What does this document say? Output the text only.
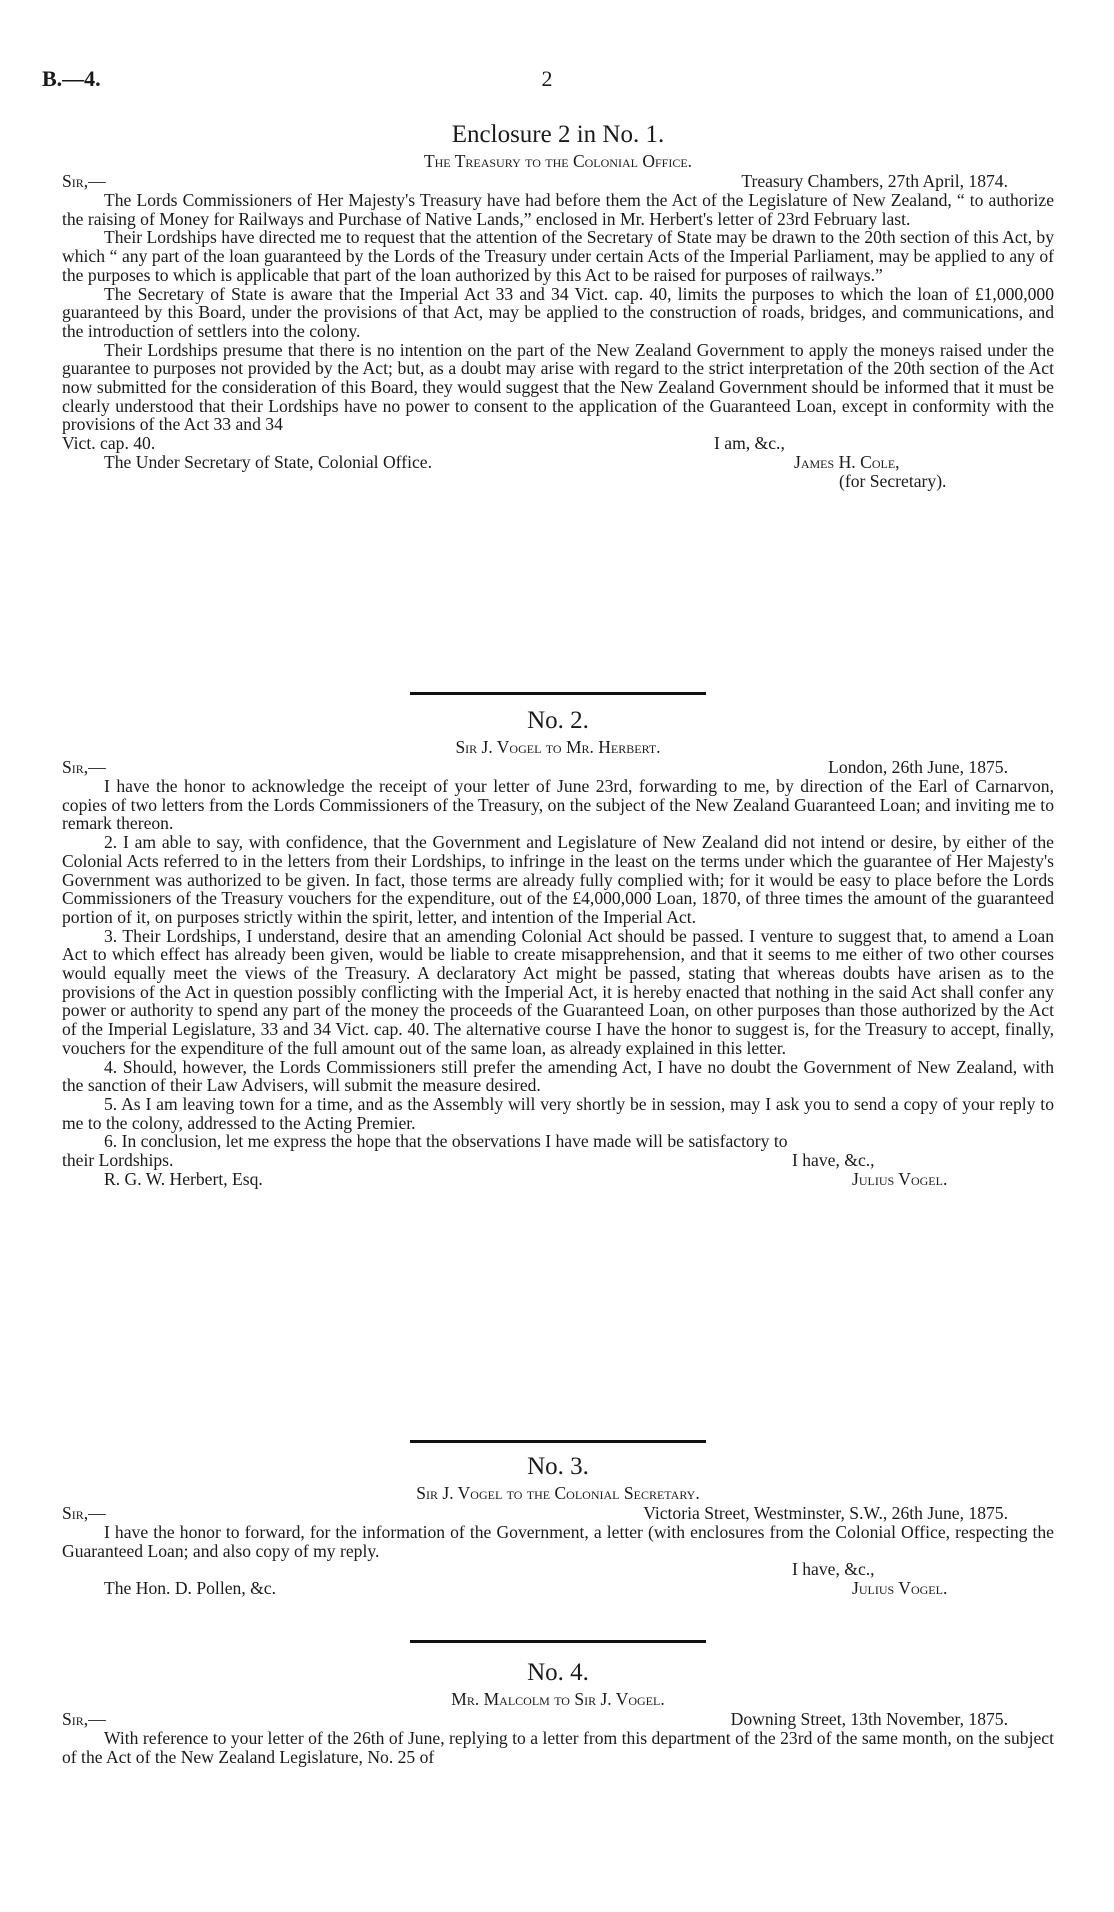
B.—4.	2
Enclosure 2 in No. 1.
The Treasury to the Colonial Office.
Sir,—	Treasury Chambers, 27th April, 1874.

The Lords Commissioners of Her Majesty's Treasury have had before them the Act of the Legislature of New Zealand, “ to authorize the raising of Money for Railways and Purchase of Native Lands,” enclosed in Mr. Herbert's letter of 23rd February last.

Their Lordships have directed me to request that the attention of the Secretary of State may be drawn to the 20th section of this Act, by which “ any part of the loan guaranteed by the Lords of the Treasury under certain Acts of the Imperial Parliament, may be applied to any of the purposes to which is applicable that part of the loan authorized by this Act to be raised for purposes of railways.”

The Secretary of State is aware that the Imperial Act 33 and 34 Vict. cap. 40, limits the purposes to which the loan of £1,000,000 guaranteed by this Board, under the provisions of that Act, may be applied to the construction of roads, bridges, and communications, and the introduction of settlers into the colony.

Their Lordships presume that there is no intention on the part of the New Zealand Government to apply the moneys raised under the guarantee to purposes not provided by the Act; but, as a doubt may arise with regard to the strict interpretation of the 20th section of the Act now submitted for the consideration of this Board, they would suggest that the New Zealand Government should be informed that it must be clearly understood that their Lordships have no power to consent to the application of the Guaranteed Loan, except in conformity with the provisions of the Act 33 and 34

Vict. cap. 40.	I am, &c.,
The Under Secretary of State, Colonial Office.	James H. Cole,
(for Secretary).
No. 2.
Sir J. Vogel to Mr. Herbert.
Sir,—	London, 26th June, 1875.

I have the honor to acknowledge the receipt of your letter of June 23rd, forwarding to me, by direction of the Earl of Carnarvon, copies of two letters from the Lords Commissioners of the Treasury, on the subject of the New Zealand Guaranteed Loan; and inviting me to remark thereon.

2. I am able to say, with confidence, that the Government and Legislature of New Zealand did not intend or desire, by either of the Colonial Acts referred to in the letters from their Lordships, to infringe in the least on the terms under which the guarantee of Her Majesty's Government was authorized to be given. In fact, those terms are already fully complied with; for it would be easy to place before the Lords Commissioners of the Treasury vouchers for the expenditure, out of the £4,000,000 Loan, 1870, of three times the amount of the guaranteed portion of it, on purposes strictly within the spirit, letter, and intention of the Imperial Act.

3. Their Lordships, I understand, desire that an amending Colonial Act should be passed. I venture to suggest that, to amend a Loan Act to which effect has already been given, would be liable to create misapprehension, and that it seems to me either of two other courses would equally meet the views of the Treasury. A declaratory Act might be passed, stating that whereas doubts have arisen as to the provisions of the Act in question possibly conflicting with the Imperial Act, it is hereby enacted that nothing in the said Act shall confer any power or authority to spend any part of the money the proceeds of the Guaranteed Loan, on other purposes than those authorized by the Act of the Imperial Legislature, 33 and 34 Vict. cap. 40. The alternative course I have the honor to suggest is, for the Treasury to accept, finally, vouchers for the expenditure of the full amount out of the same loan, as already explained in this letter.

4. Should, however, the Lords Commissioners still prefer the amending Act, I have no doubt the Government of New Zealand, with the sanction of their Law Advisers, will submit the measure desired.

5. As I am leaving town for a time, and as the Assembly will very shortly be in session, may I ask you to send a copy of your reply to me to the colony, addressed to the Acting Premier.

6. In conclusion, let me express the hope that the observations I have made will be satisfactory to

their Lordships.	I have, &c.,
R. G. W. Herbert, Esq.	Julius Vogel.
No. 3.
Sir J. Vogel to the Colonial Secretary.
Sir,—	Victoria Street, Westminster, S.W., 26th June, 1875.

I have the honor to forward, for the information of the Government, a letter (with enclosures from the Colonial Office, respecting the Guaranteed Loan; and also copy of my reply.

I have, &c.,
The Hon. D. Pollen, &c.	Julius Vogel.
No. 4.
Mr. Malcolm to Sir J. Vogel.
Sir,—	Downing Street, 13th November, 1875.

With reference to your letter of the 26th of June, replying to a letter from this department of the 23rd of the same month, on the subject of the Act of the New Zealand Legislature, No. 25 of
